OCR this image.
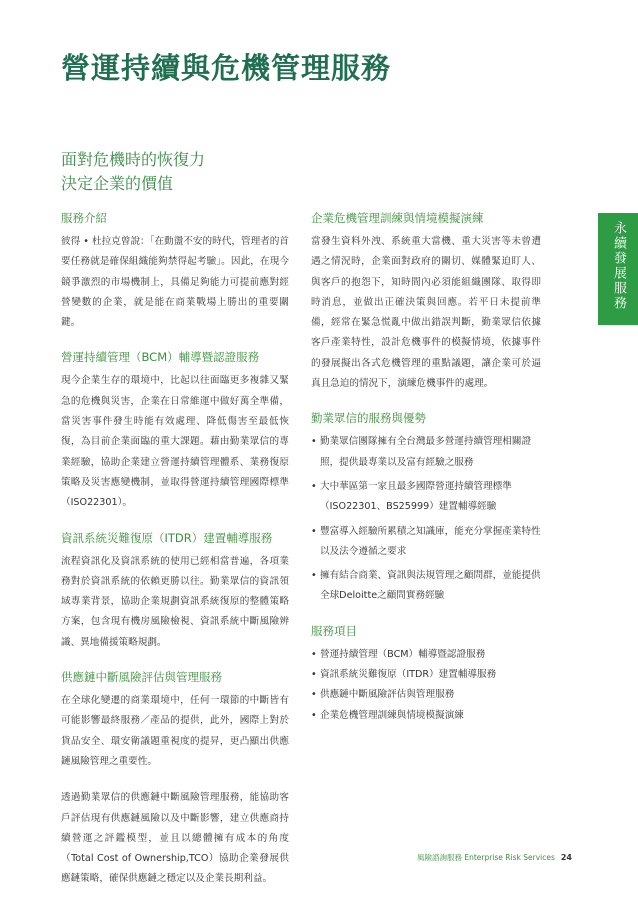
營運持續與危機管理服務
面對危機時的恢復力
決定企業的價值
服務介紹

彼得 • 杜拉克曾說：「在動盪不安的時代，管理者的首要任務就是確保組織能夠禁得起考驗」。因此，在現今競爭激烈的市場機制上，具備足夠能力可提前應對經營變數的企業，就是能在商業戰場上勝出的重要關鍵。

營運持續管理（BCM）輔導暨認證服務

現今企業生存的環境中，比起以往面臨更多複雜又緊急的危機與災害，企業在日常維運中做好萬全準備，當災害事件發生時能有效處理、降低傷害至最低恢復，為目前企業面臨的重大課題。藉由勤業眾信的專業經驗，協助企業建立營運持續管理體系、業務復原策略及災害應變機制，並取得營運持續管理國際標準（ISO22301）。

資訊系統災難復原（ITDR）建置輔導服務

流程資訊化及資訊系統的使用已經相當普遍，各項業務對於資訊系統的依賴更勝以往。勤業眾信的資訊領域專業背景，協助企業規劃資訊系統復原的整體策略方案，包含現有機房風險檢視、資訊系統中斷風險辨識、異地備援策略規劃。

供應鏈中斷風險評估與管理服務

在全球化變遷的商業環境中，任何一環節的中斷皆有可能影響最終服務／產品的提供，此外，國際上對於貨品安全、環安衛議題重視度的提昇，更凸顯出供應鏈風險管理之重要性。

透過勤業眾信的供應鏈中斷風險管理服務，能協助客戶評估現有供應鏈風險以及中斷影響，建立供應商持續營運之評鑑模型，並且以總體擁有成本的角度（Total Cost of Ownership,TCO）協助企業發展供應鏈策略，確保供應鏈之穩定以及企業長期利益。

企業危機管理訓練與情境模擬演練

當發生資料外洩、系統重大當機、重大災害等未曾遭遇之情況時，企業面對政府的關切、媒體緊迫盯人、與客戶的抱怨下，知時間內必須能組織團隊、取得即時消息，並做出正確決策與回應。若平日未提前準備，經常在緊急慌亂中做出錯誤判斷，勤業眾信依據客戶產業特性，設計危機事件的模擬情境，依據事件的發展擬出各式危機管理的重點議題，讓企業可於逼真且急迫的情況下，演練危機事件的處理。

勤業眾信的服務與優勢
• 勤業眾信團隊擁有全台灣最多營運持續管理相關證照，提供最專業以及富有經驗之服務
• 大中華區第一家且最多國際營運持續管理標準（ISO22301、BS25999）建置輔導經驗
• 豐富導入經驗所累積之知識庫，能充分掌握產業特性以及法令遵循之要求
• 擁有結合商業、資訊與法規管理之顧問群，並能提供全球Deloitte之顧問實務經驗
服務項目
• 營運持續管理（BCM）輔導暨認證服務
• 資訊系統災難復原（ITDR）建置輔導服務
• 供應鏈中斷風險評估與管理服務
• 企業危機管理訓練與情境模擬演練
永續發展服務
風險諮詢服務 Enterprise Risk Services 24
